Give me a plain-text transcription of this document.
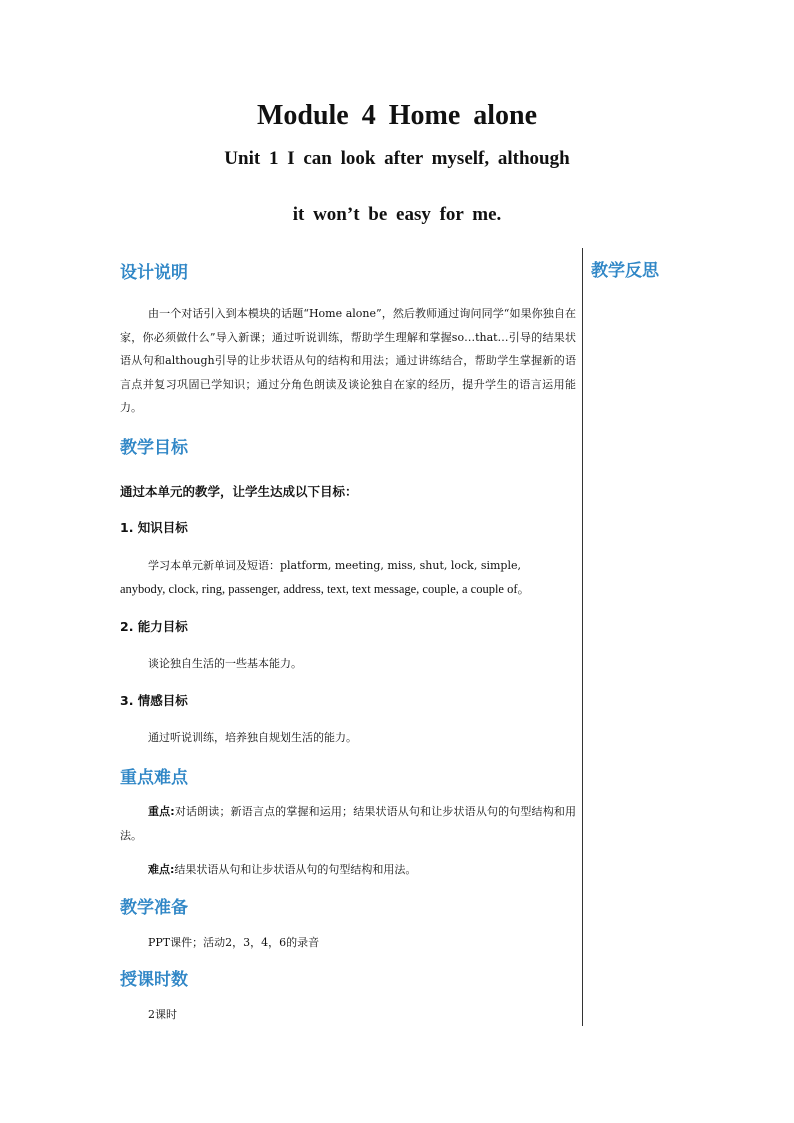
Module 4 Home alone
Unit 1 I can look after myself, although
it won’t be easy for me.
教学反思
设计说明
由一个对话引入到本模块的话题“Home alone”，然后教师通过询问同学“如果你独自在家，你必须做什么”导入新课；通过听说训练，帮助学生理解和掌握so…that…引导的结果状语从句和although引导的让步状语从句的结构和用法；通过讲练结合，帮助学生掌握新的语言点并复习巩固已学知识；通过分角色朗读及谈论独自在家的经历，提升学生的语言运用能力。
教学目标
通过本单元的教学，让学生达成以下目标：
1. 知识目标
学习本单元新单词及短语：platform, meeting, miss, shut, lock, simple,
anybody, clock, ring, passenger, address, text, text message, couple, a couple of。
2. 能力目标
谈论独自生活的一些基本能力。
3. 情感目标
通过听说训练，培养独自规划生活的能力。
重点难点
重点:对话朗读；新语言点的掌握和运用；结果状语从句和让步状语从句的句型结构和用法。
难点:结果状语从句和让步状语从句的句型结构和用法。
教学准备
PPT课件；活动2，3，4，6的录音
授课时数
2课时
